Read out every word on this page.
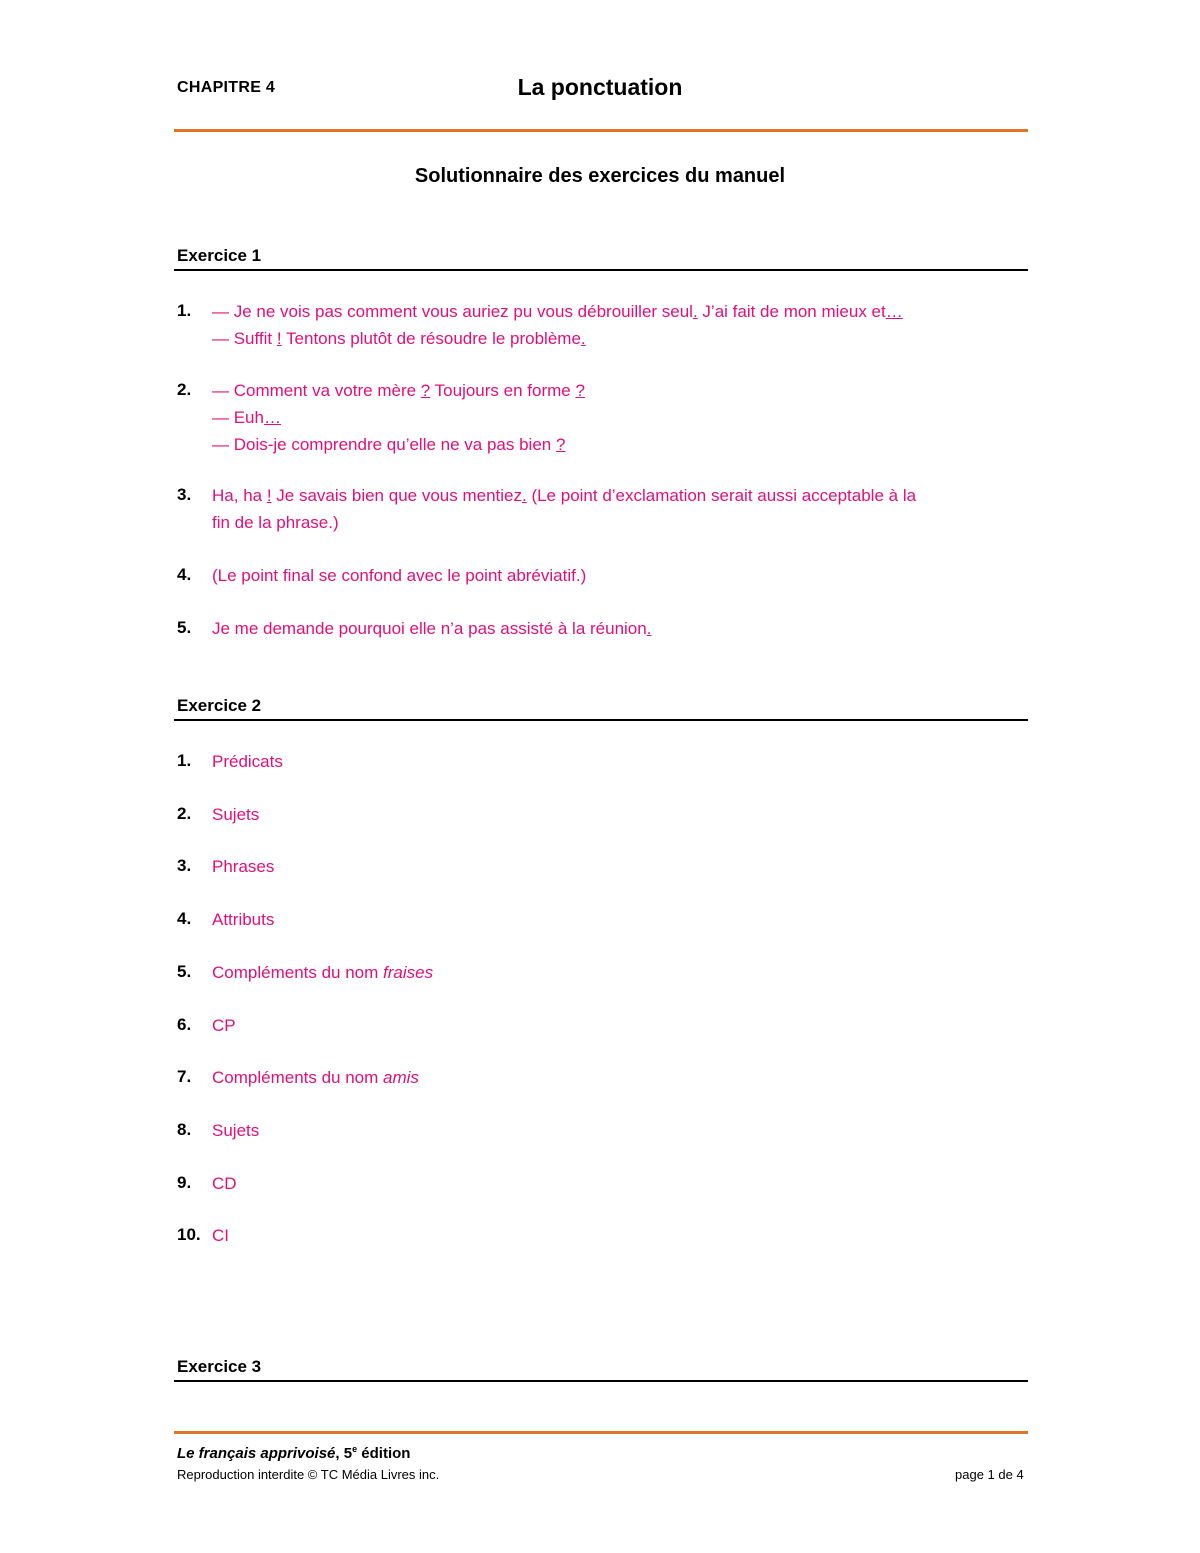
CHAPITRE 4	La ponctuation
Solutionnaire des exercices du manuel
Exercice 1
1. — Je ne vois pas comment vous auriez pu vous débrouiller seul. J’ai fait de mon mieux et…
— Suffit ! Tentons plutôt de résoudre le problème.
2. — Comment va votre mère ? Toujours en forme ?
— Euh…
— Dois-je comprendre qu’elle ne va pas bien ?
3. Ha, ha ! Je savais bien que vous mentiez. (Le point d’exclamation serait aussi acceptable à la
fin de la phrase.)
4. (Le point final se confond avec le point abréviatif.)
5. Je me demande pourquoi elle n’a pas assisté à la réunion.
Exercice 2
1. Prédicats
2. Sujets
3. Phrases
4. Attributs
5. Compléments du nom fraises
6. CP
7. Compléments du nom amis
8. Sujets
9. CD
10. CI
Exercice 3
Le français apprivoisé, 5e édition
Reproduction interdite © TC Média Livres inc.	page 1 de 4
